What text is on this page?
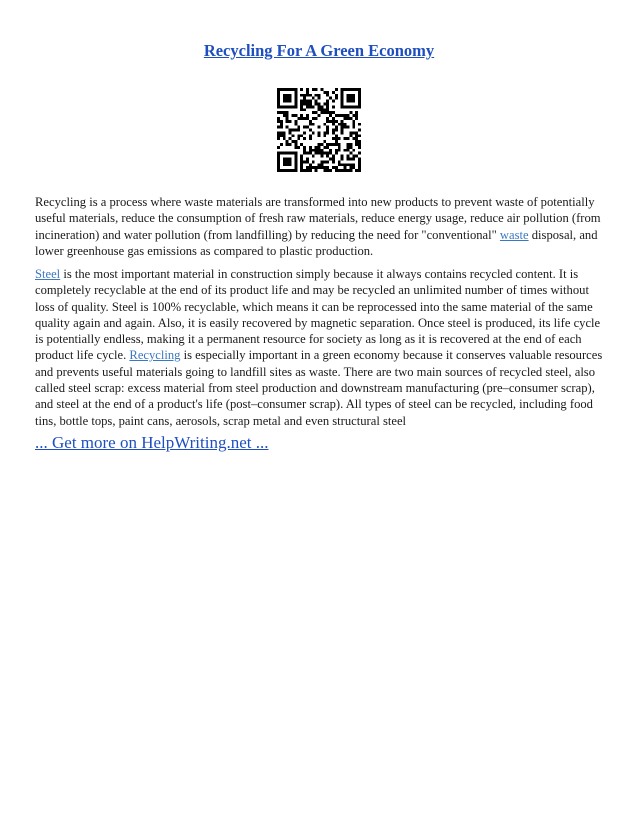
Recycling For A Green Economy
Recycling is a process where waste materials are transformed into new products to prevent waste of potentially useful materials, reduce the consumption of fresh raw materials, reduce energy usage, reduce air pollution (from incineration) and water pollution (from landfilling) by reducing the need for "conventional" waste disposal, and lower greenhouse gas emissions as compared to plastic production.
Steel is the most important material in construction simply because it always contains recycled content. It is completely recyclable at the end of its product life and may be recycled an unlimited number of times without loss of quality. Steel is 100% recyclable, which means it can be reprocessed into the same material of the same quality again and again. Also, it is easily recovered by magnetic separation. Once steel is produced, its life cycle is potentially endless, making it a permanent resource for society as long as it is recovered at the end of each product life cycle. Recycling is especially important in a green economy because it conserves valuable resources and prevents useful materials going to landfill sites as waste. There are two main sources of recycled steel, also called steel scrap: excess material from steel production and downstream manufacturing (pre–consumer scrap), and steel at the end of a product's life (post–consumer scrap). All types of steel can be recycled, including food tins, bottle tops, paint cans, aerosols, scrap metal and even structural steel
... Get more on HelpWriting.net ...
